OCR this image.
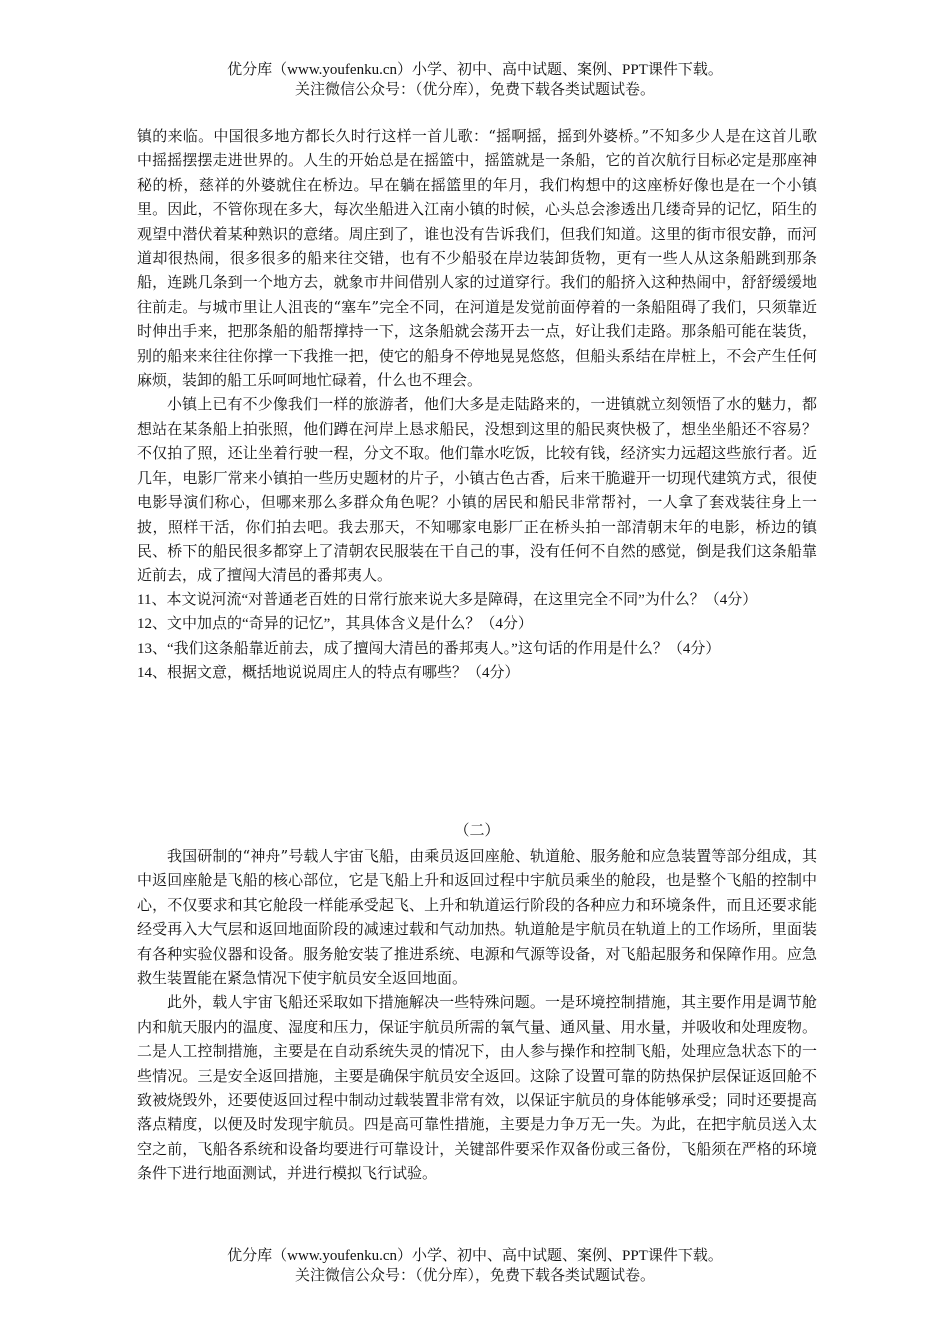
优分库（www.youfenku.cn）小学、初中、高中试题、案例、PPT课件下载。
关注微信公众号：（优分库），免费下载各类试题试卷。

镇的来临。中国很多地方都长久时行这样一首儿歌：“摇啊摇，摇到外婆桥。”不知多少人是在这首儿歌中摇摇摆摆走进世界的。人生的开始总是在摇篮中，摇篮就是一条船，它的首次航行目标必定是那座神秘的桥，慈祥的外婆就住在桥边。早在躺在摇篮里的年月，我们构想中的这座桥好像也是在一个小镇里。因此，不管你现在多大，每次坐船进入江南小镇的时候，心头总会渗透出几缕奇异的记忆，陌生的观望中潜伏着某种熟识的意绪。周庄到了，谁也没有告诉我们，但我们知道。这里的街市很安静，而河道却很热闹，很多很多的船来往交错，也有不少船驳在岸边装卸货物，更有一些人从这条船跳到那条船，连跳几条到一个地方去，就象市井间借别人家的过道穿行。我们的船挤入这种热闹中，舒舒缓缓地往前走。与城市里让人沮丧的“塞车”完全不同，在河道是发觉前面停着的一条船阻碍了我们，只须靠近时伸出手来，把那条船的船帮撑持一下，这条船就会荡开去一点，好让我们走路。那条船可能在装货，别的船来来往往你撑一下我推一把，使它的船身不停地晃晃悠悠，但船头系结在岸桩上，不会产生任何麻烦，装卸的船工乐呵呵地忙碌着，什么也不理会。

小镇上已有不少像我们一样的旅游者，他们大多是走陆路来的，一进镇就立刻领悟了水的魅力，都想站在某条船上拍张照，他们蹲在河岸上恳求船民，没想到这里的船民爽快极了，想坐坐船还不容易？不仅拍了照，还让坐着行驶一程，分文不取。他们靠水吃饭，比较有钱，经济实力远超这些旅行者。近几年，电影厂常来小镇拍一些历史题材的片子，小镇古色古香，后来干脆避开一切现代建筑方式，很使电影导演们称心，但哪来那么多群众角色呢？小镇的居民和船民非常帮衬，一人拿了套戏装往身上一披，照样干活，你们拍去吧。我去那天，不知哪家电影厂正在桥头拍一部清朝末年的电影，桥边的镇民、桥下的船民很多都穿上了清朝农民服装在干自己的事，没有任何不自然的感觉，倒是我们这条船靠近前去，成了擅闯大清邑的番邦夷人。

11、本文说河流“对普通老百姓的日常行旅来说大多是障碍，在这里完全不同”为什么？（4分）

12、文中加点的“奇异的记忆”，其具体含义是什么？（4分）

13、“我们这条船靠近前去，成了擅闯大清邑的番邦夷人。”这句话的作用是什么？（4分）

14、根据文意，概括地说说周庄人的特点有哪些？（4分）

（二）

我国研制的“神舟”号载人宇宙飞船，由乘员返回座舱、轨道舱、服务舱和应急装置等部分组成，其中返回座舱是飞船的核心部位，它是飞船上升和返回过程中宇航员乘坐的舱段，也是整个飞船的控制中心，不仅要求和其它舱段一样能承受起飞、上升和轨道运行阶段的各种应力和环境条件，而且还要求能经受再入大气层和返回地面阶段的减速过载和气动加热。轨道舱是宇航员在轨道上的工作场所，里面装有各种实验仪器和设备。服务舱安装了推进系统、电源和气源等设备，对飞船起服务和保障作用。应急救生装置能在紧急情况下使宇航员安全返回地面。

此外，载人宇宙飞船还采取如下措施解决一些特殊问题。一是环境控制措施，其主要作用是调节舱内和航天服内的温度、湿度和压力，保证宇航员所需的氧气量、通风量、用水量，并吸收和处理废物。二是人工控制措施，主要是在自动系统失灵的情况下，由人参与操作和控制飞船，处理应急状态下的一些情况。三是安全返回措施，主要是确保宇航员安全返回。这除了设置可靠的防热保护层保证返回舱不致被烧毁外，还要使返回过程中制动过载装置非常有效，以保证宇航员的身体能够承受；同时还要提高落点精度，以便及时发现宇航员。四是高可靠性措施，主要是力争万无一失。为此，在把宇航员送入太空之前，飞船各系统和设备均要进行可靠设计，关键部件要采作双备份或三备份，飞船须在严格的环境条件下进行地面测试，并进行模拟飞行试验。

优分库（www.youfenku.cn）小学、初中、高中试题、案例、PPT课件下载。
关注微信公众号：（优分库），免费下载各类试题试卷。
